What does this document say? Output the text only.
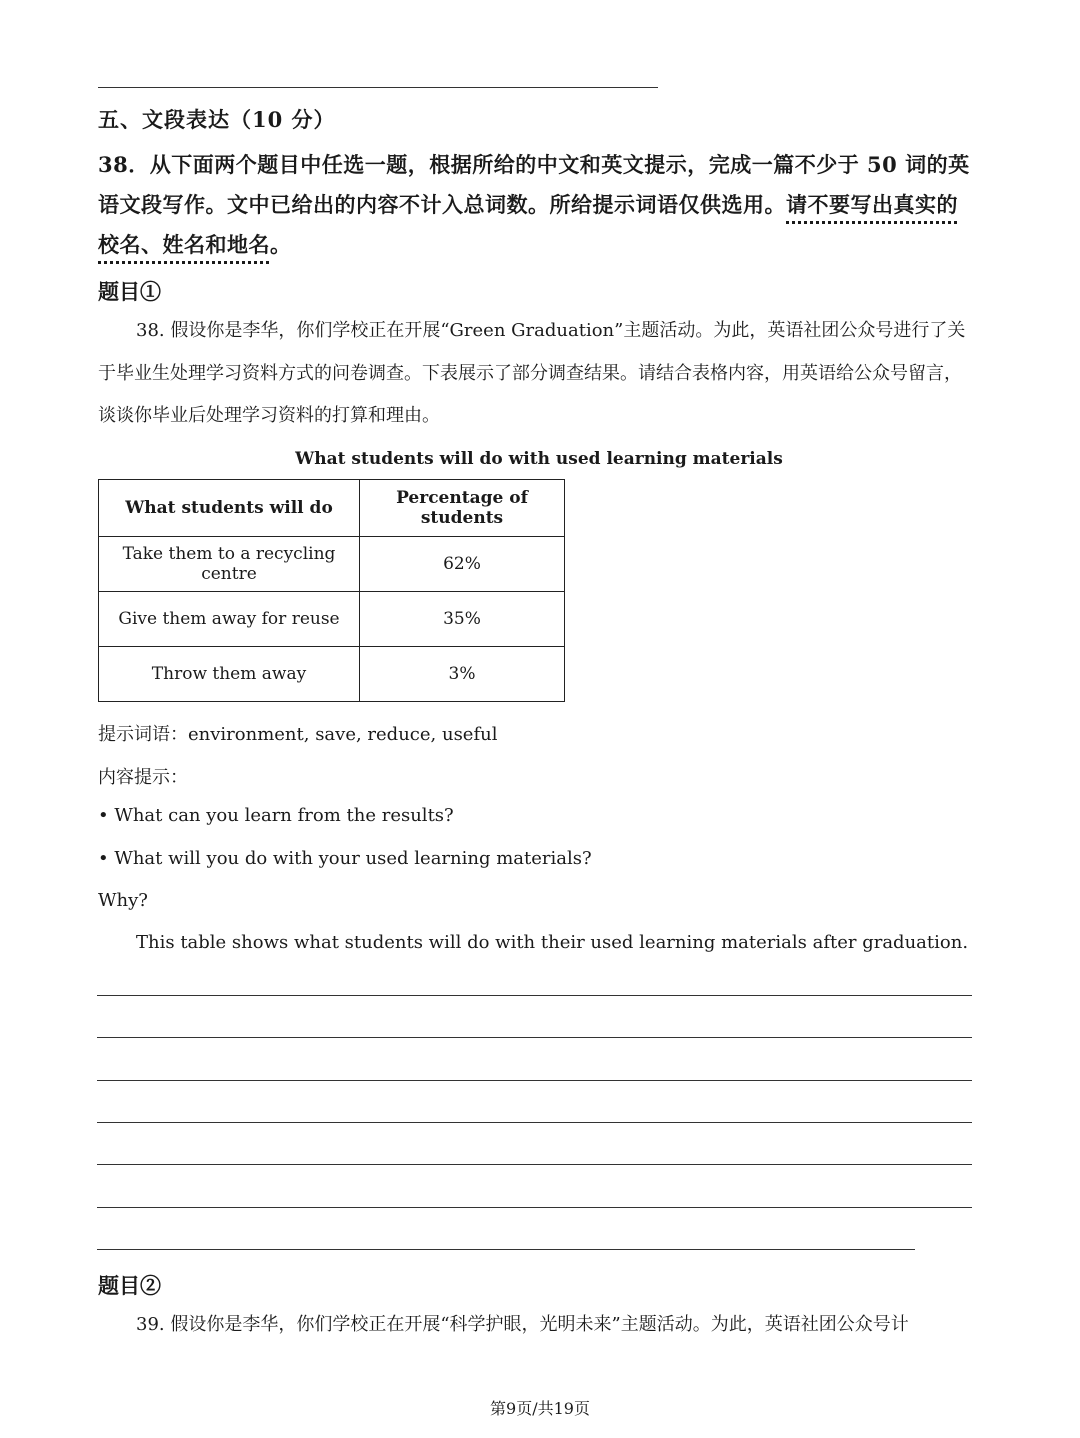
五、文段表达（10 分）
38．从下面两个题目中任选一题，根据所给的中文和英文提示，完成一篇不少于 50 词的英语文段写作。文中已给出的内容不计入总词数。所给提示词语仅供选用。请不要写出真实的校名、姓名和地名。
题目①
38. 假设你是李华，你们学校正在开展“Green Graduation”主题活动。为此，英语社团公众号进行了关于毕业生处理学习资料方式的问卷调查。下表展示了部分调查结果。请结合表格内容，用英语给公众号留言，谈谈你毕业后处理学习资料的打算和理由。
What students will do with used learning materials
What students will do	Percentage of students
Take them to a recycling centre	62%
Give them away for reuse	35%
Throw them away	3%
提示词语：environment, save, reduce, useful
内容提示：
• What can you learn from the results?
• What will you do with your used learning materials?
Why?
This table shows what students will do with their used learning materials after graduation.
题目②
39. 假设你是李华，你们学校正在开展“科学护眼，光明未来”主题活动。为此，英语社团公众号计
第9页/共19页
